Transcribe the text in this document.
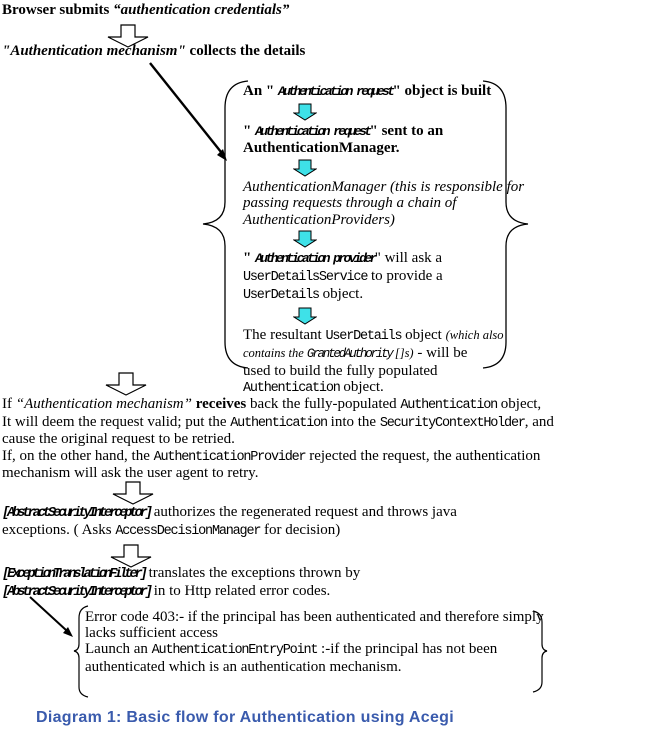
Browser submits “authentication credentials”
"Authentication mechanism" collects the details
An " Authentication request" object is built
" Authentication request" sent to an
AuthenticationManager.
AuthenticationManager (this is responsible for
passing requests through a chain of
AuthenticationProviders)
" Authentication provider" will ask a
UserDetailsService to provide a
UserDetails object.
The resultant UserDetails object (which also
contains the GrantedAuthority []s) - will be
used to build the fully populated
Authentication object.
If “Authentication mechanism” receives back the fully-populated Authentication object,
It will deem the request valid; put the Authentication into the SecurityContextHolder, and
cause the original request to be retried.
If, on the other hand, the AuthenticationProvider rejected the request, the authentication
mechanism will ask the user agent to retry.
[AbstractSecurityInterceptor] authorizes the regenerated request and throws java
exceptions. ( Asks AccessDecisionManager for decision)
[ExceptionTranslationFilter] translates the exceptions thrown by
[AbstractSecurityInterceptor] in to Http related error codes.
Error code 403:- if the principal has been authenticated and therefore simply
lacks sufficient access
Launch an AuthenticationEntryPoint :-if the principal has not been
authenticated which is an authentication mechanism.
Diagram 1: Basic flow for Authentication using Acegi
